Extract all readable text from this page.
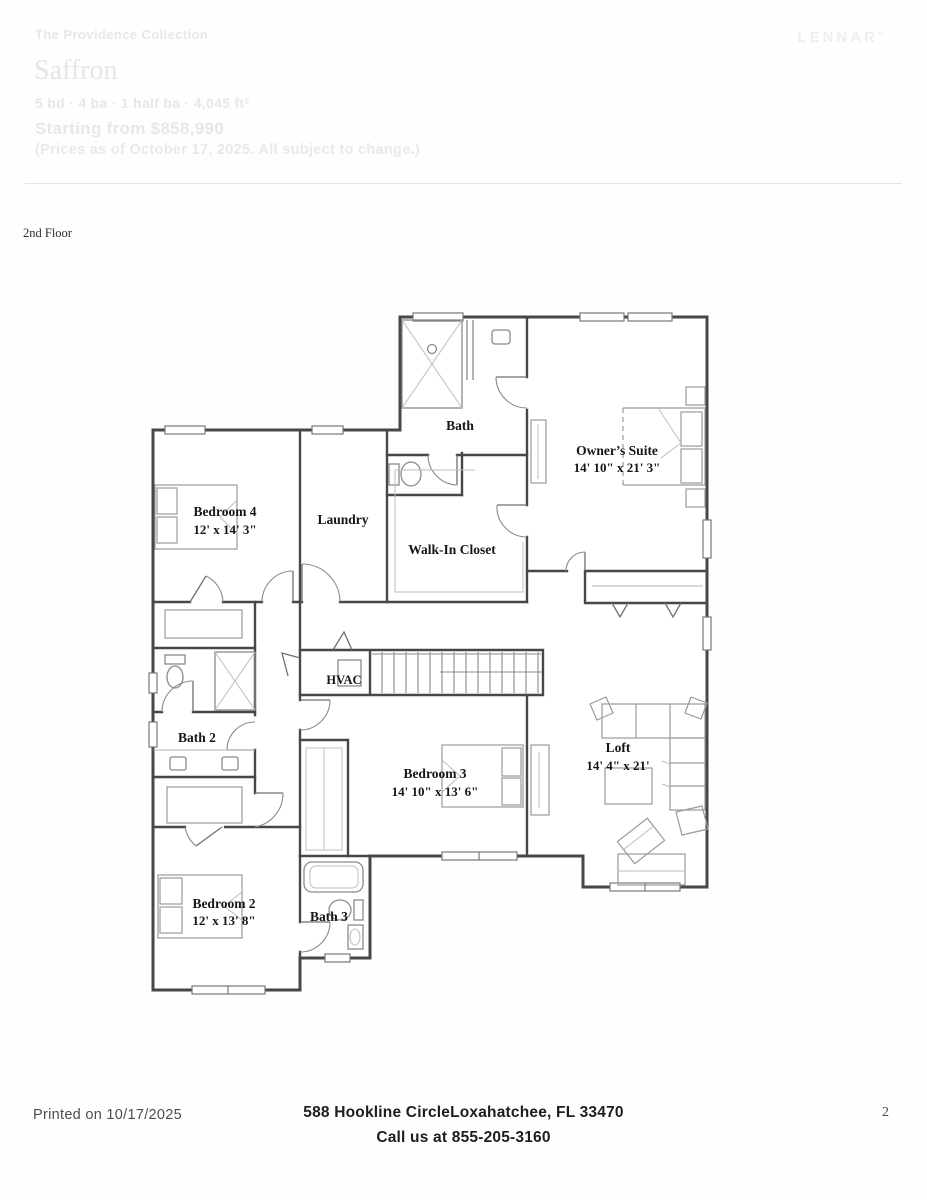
The Providence Collection
Saffron
5 bd · 4 ba · 1 half ba · 4,045 ft²
Starting from $858,990
(Prices as of October 17, 2025. All subject to change.)
LENNAR®
2nd Floor
Bath
Owner’s Suite
14' 10" x 21' 3"
Bedroom 4
12' x 14' 3"
Laundry
Walk-In Closet
Bath 2
HVAC
Bedroom 3
14' 10" x 13' 6"
Loft
14' 4" x 21'
Bedroom 2
12' x 13' 8"	Bath 3
Printed on 10/17/2025	588 Hookline CircleLoxahatchee, FL 33470
Call us at 855-205-3160
2
